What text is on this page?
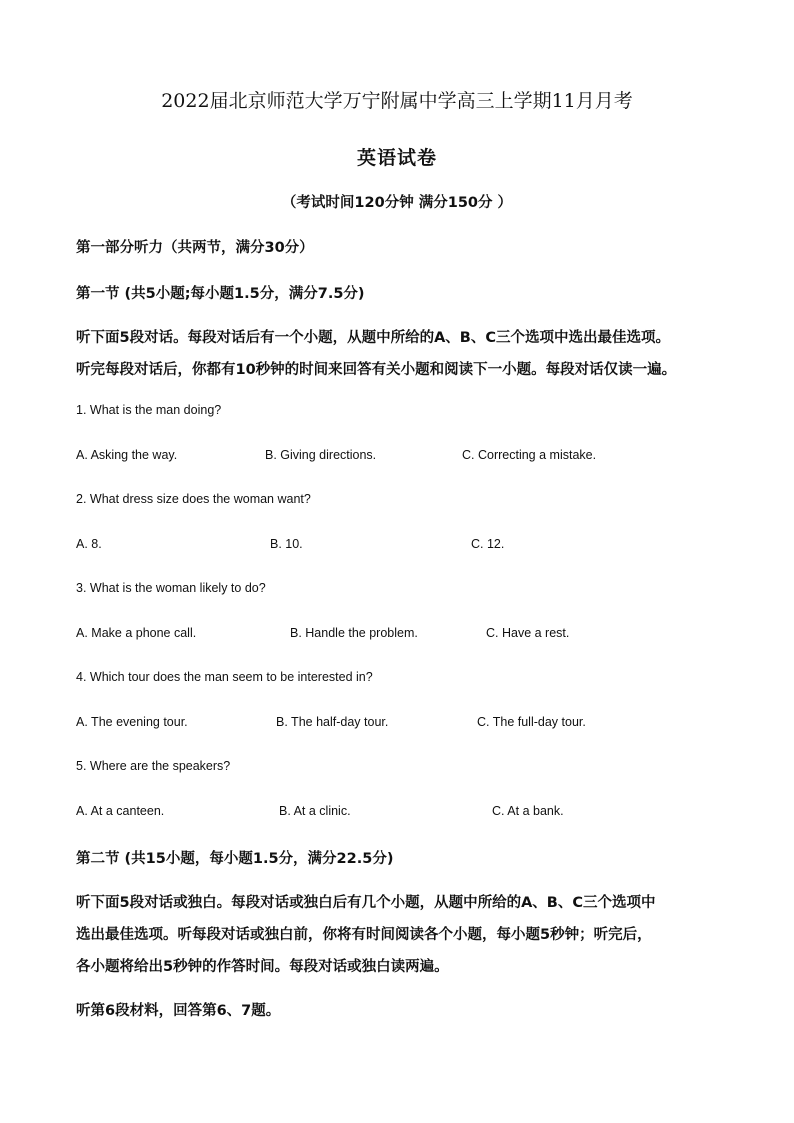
2022届北京师范大学万宁附属中学高三上学期11月月考
英语试卷
（考试时间120分钟 满分150分 ）
第一部分听力（共两节，满分30分）
第一节 (共5小题;每小题1.5分，满分7.5分)
听下面5段对话。每段对话后有一个小题，从题中所给的A、B、C三个选项中选出最佳选项。
听完每段对话后，你都有10秒钟的时间来回答有关小题和阅读下一小题。每段对话仅读一遍。
1. What is the man doing?
A. Asking the way.	B. Giving directions.	C. Correcting a mistake.
2. What dress size does the woman want?
A. 8.	B. 10.	C. 12.
3. What is the woman likely to do?
A. Make a phone call.	B. Handle the problem.	C. Have a rest.
4. Which tour does the man seem to be interested in?
A. The evening tour.	B. The half-day tour.	C. The full-day tour.
5. Where are the speakers?
A. At a canteen.	B. At a clinic.	C. At a bank.
第二节 (共15小题，每小题1.5分，满分22.5分)
听下面5段对话或独白。每段对话或独白后有几个小题，从题中所给的A、B、C三个选项中
选出最佳选项。听每段对话或独白前，你将有时间阅读各个小题，每小题5秒钟；听完后，
各小题将给出5秒钟的作答时间。每段对话或独白读两遍。
听第6段材料，回答第6、7题。
